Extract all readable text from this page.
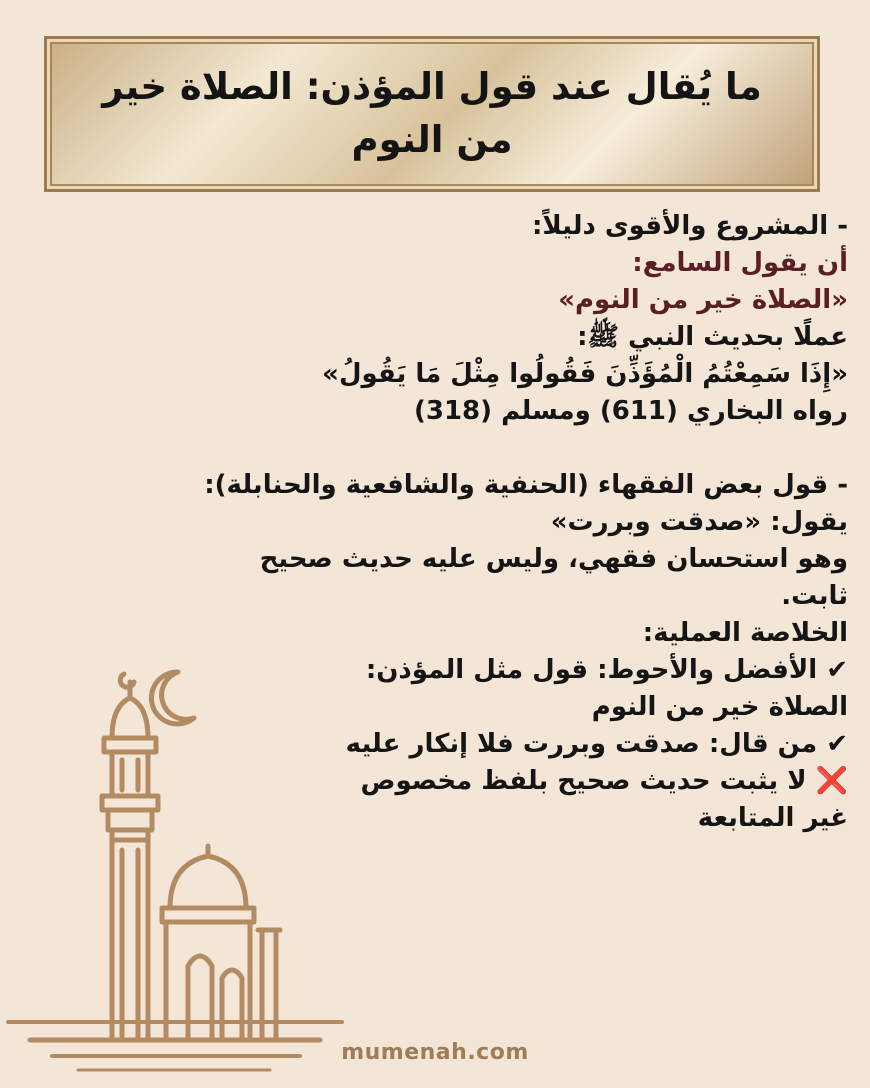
ما يُقال عند قول المؤذن: الصلاة خير من النوم
- المشروع والأقوى دليلاً:
أن يقول السامع:
«الصلاة خير من النوم»
عملًا بحديث النبي ﷺ:
«إِذَا سَمِعْتُمُ الْمُؤَذِّنَ فَقُولُوا مِثْلَ مَا يَقُولُ»
رواه البخاري (611) ومسلم (318)
- قول بعض الفقهاء (الحنفية والشافعية والحنابلة):
يقول: «صدقت وبررت»
وهو استحسان فقهي، وليس عليه حديث صحيح
ثابت.
الخلاصة العملية:
✔ الأفضل والأحوط: قول مثل المؤذن:
الصلاة خير من النوم
✔ من قال: صدقت وبررت فلا إنكار عليه
❌ لا يثبت حديث صحيح بلفظ مخصوص
غير المتابعة
mumenah.com
